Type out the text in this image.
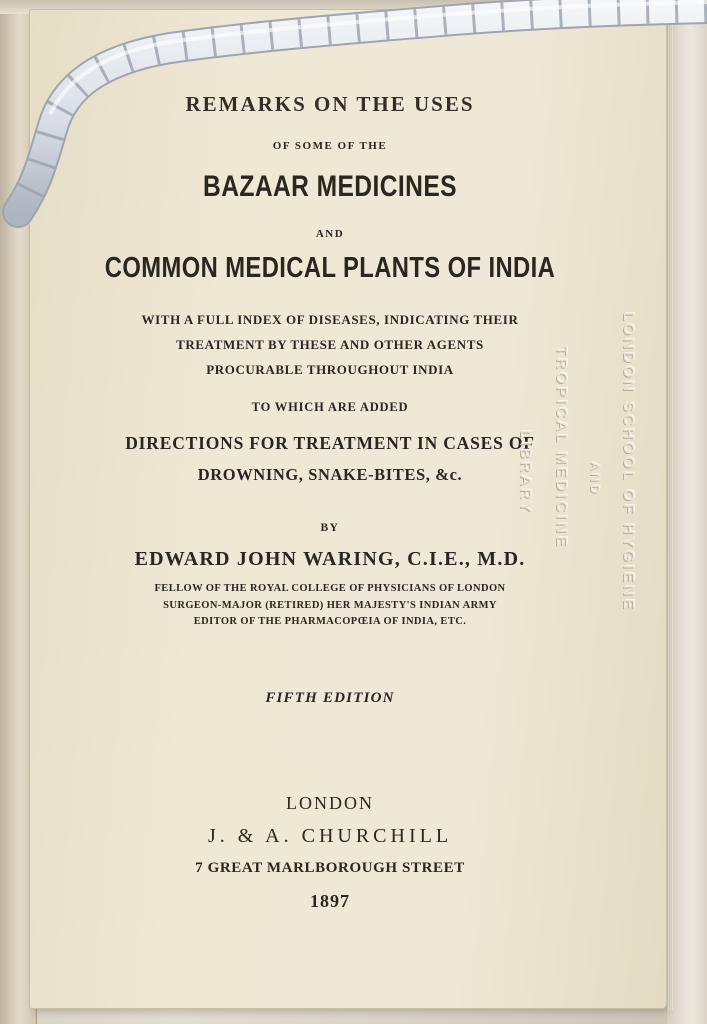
REMARKS ON THE USES
OF SOME OF THE
BAZAAR MEDICINES
AND
COMMON MEDICAL PLANTS OF INDIA
WITH A FULL INDEX OF DISEASES, INDICATING THEIR
TREATMENT BY THESE AND OTHER AGENTS
PROCURABLE THROUGHOUT INDIA
TO WHICH ARE ADDED
DIRECTIONS FOR TREATMENT IN CASES OF
DROWNING, SNAKE-BITES, &c.
BY
EDWARD JOHN WARING, C.I.E., M.D.
FELLOW OF THE ROYAL COLLEGE OF PHYSICIANS OF LONDON
SURGEON-MAJOR (RETIRED) HER MAJESTY'S INDIAN ARMY
EDITOR OF THE PHARMACOPŒIA OF INDIA, ETC.
FIFTH EDITION
LONDON
J. & A. CHURCHILL
7 GREAT MARLBOROUGH STREET
1897
LONDON SCHOOL OF HYGIENE
AND
TROPICAL MEDICINE
LIBRARY
